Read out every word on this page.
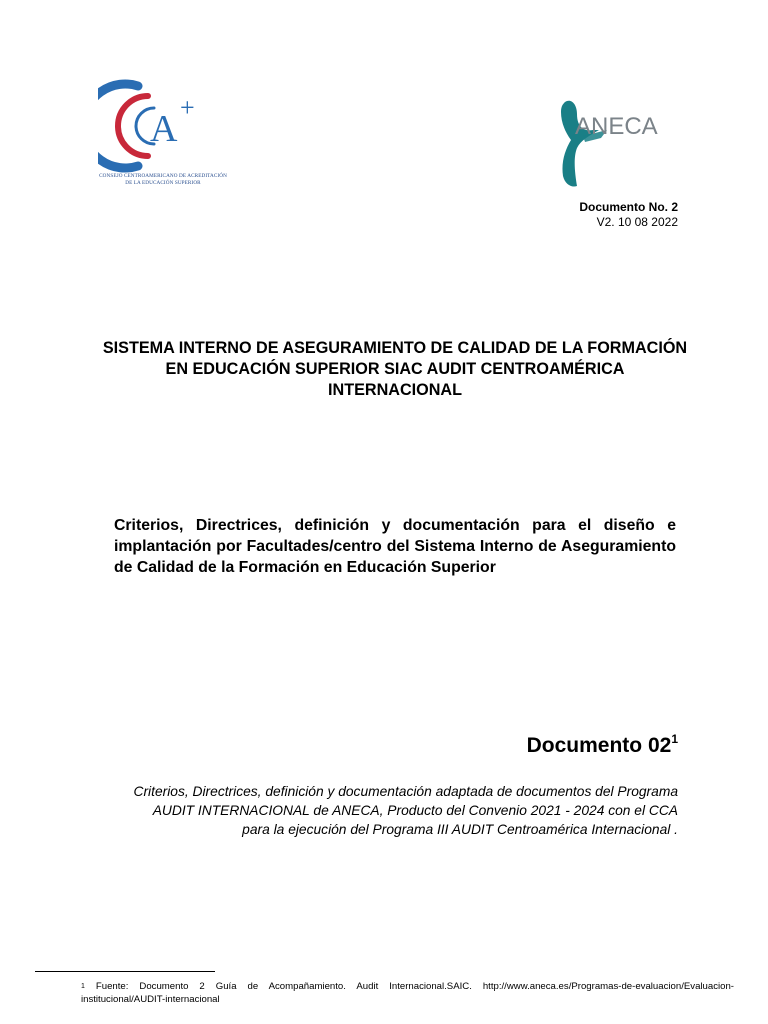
A
+
CONSEJO CENTROAMERICANO DE ACREDITACIÓN
DE LA EDUCACIÓN SUPERIOR
ANECA
Documento No. 2
V2. 10 08 2022
SISTEMA INTERNO DE ASEGURAMIENTO DE CALIDAD DE LA FORMACIÓN EN EDUCACIÓN SUPERIOR SIAC AUDIT CENTROAMÉRICA INTERNACIONAL
Criterios, Directrices, definición y documentación para el diseño e implantación por Facultades/centro del Sistema Interno de Aseguramiento de Calidad de la Formación en Educación Superior
Documento $02^1$
Criterios, Directrices, definición y documentación adaptada de documentos del Programa
AUDIT INTERNACIONAL de ANECA, Producto del Convenio 2021 - 2024 con el CCA
para la ejecución del Programa III AUDIT Centroamérica Internacional .
$^1$ Fuente: Documento 2 Guía de Acompañamiento. Audit Internacional.SAIC. http://www.aneca.es/Programas-de-evaluacion/Evaluacion-institucional/AUDIT-internacional
